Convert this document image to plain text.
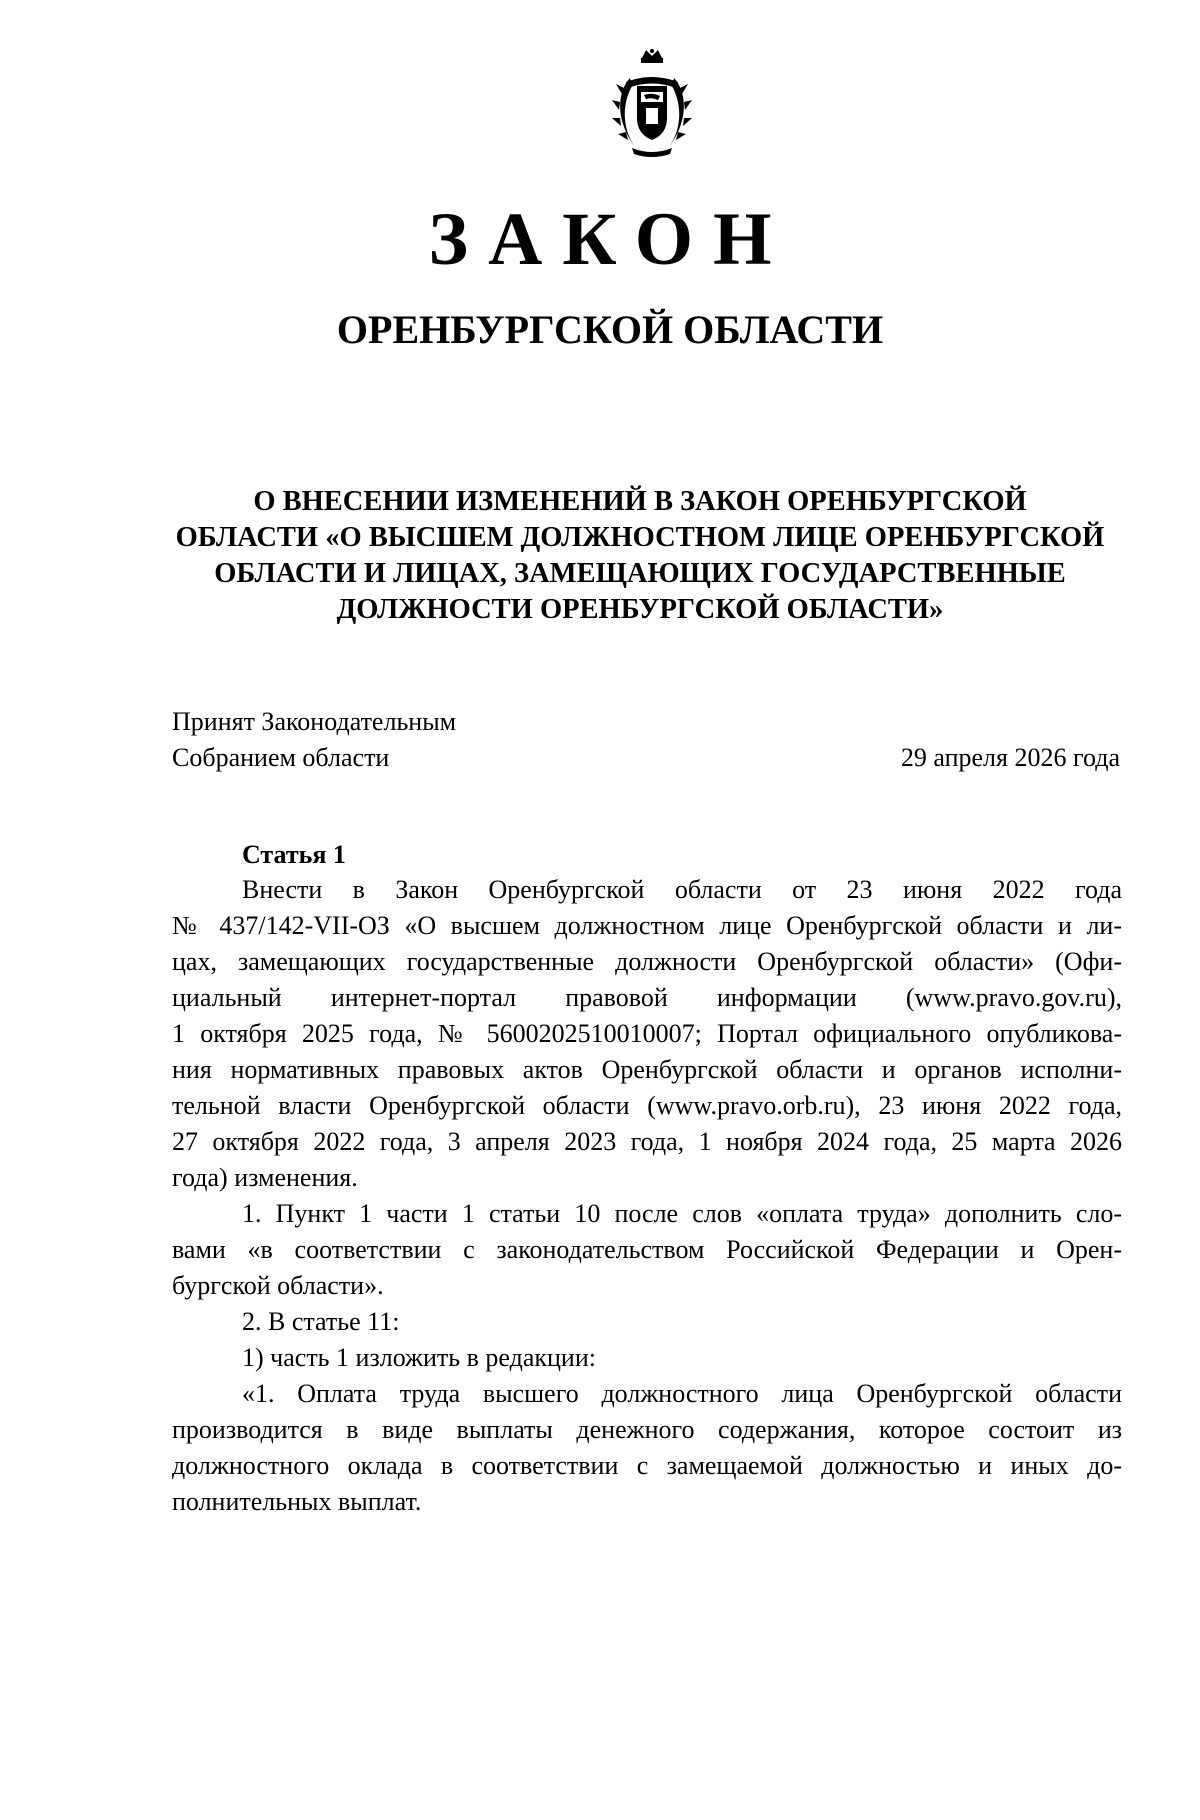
ЗАКОН
ОРЕНБУРГСКОЙ ОБЛАСТИ
О ВНЕСЕНИИ ИЗМЕНЕНИЙ В ЗАКОН ОРЕНБУРГСКОЙ
ОБЛАСТИ «О ВЫСШЕМ ДОЛЖНОСТНОМ ЛИЦЕ ОРЕНБУРГСКОЙ
ОБЛАСТИ И ЛИЦАХ, ЗАМЕЩАЮЩИХ ГОСУДАРСТВЕННЫЕ
ДОЛЖНОСТИ ОРЕНБУРГСКОЙ ОБЛАСТИ»
Принят Законодательным
Собранием области	29 апреля 2026 года
Статья 1
Внести в Закон Оренбургской области от 23 июня 2022 года
№ 437/142-VII-ОЗ «О высшем должностном лице Оренбургской области и ли-
цах, замещающих государственные должности Оренбургской области» (Офи-
циальный интернет-портал правовой информации (www.pravo.gov.ru),
1 октября 2025 года, № 5600202510010007; Портал официального опубликова-
ния нормативных правовых актов Оренбургской области и органов исполни-
тельной власти Оренбургской области (www.pravo.orb.ru), 23 июня 2022 года,
27 октября 2022 года, 3 апреля 2023 года, 1 ноября 2024 года, 25 марта 2026
года) изменения.
1. Пункт 1 части 1 статьи 10 после слов «оплата труда» дополнить сло-
вами «в соответствии с законодательством Российской Федерации и Орен-
бургской области».
2. В статье 11:
1) часть 1 изложить в редакции:
«1. Оплата труда высшего должностного лица Оренбургской области
производится в виде выплаты денежного содержания, которое состоит из
должностного оклада в соответствии с замещаемой должностью и иных до-
полнительных выплат.
